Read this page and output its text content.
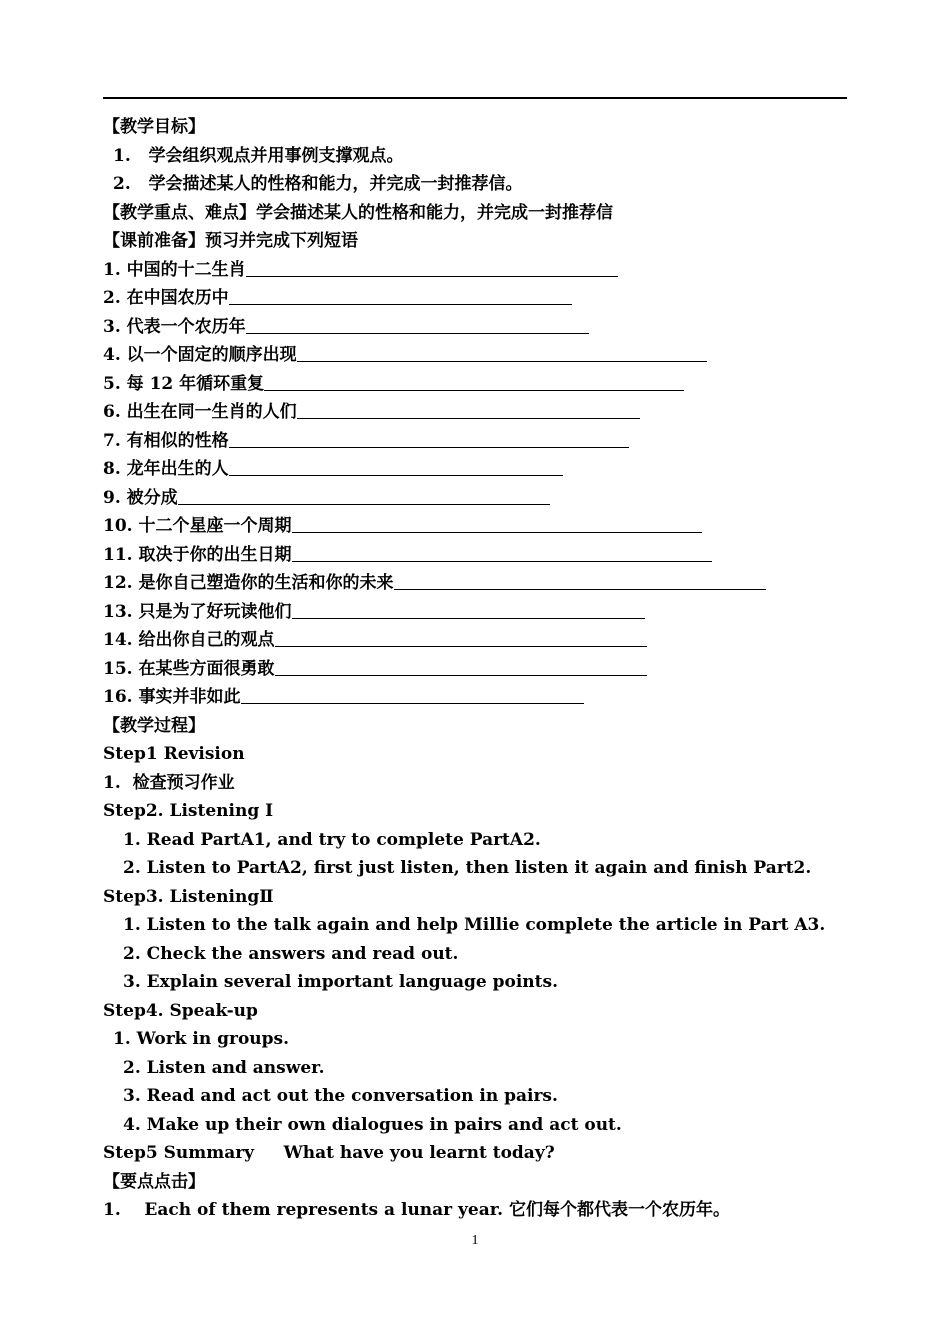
【教学目标】
1.   学会组织观点并用事例支撑观点。
2.   学会描述某人的性格和能力，并完成一封推荐信。
【教学重点、难点】学会描述某人的性格和能力，并完成一封推荐信
【课前准备】预习并完成下列短语
1. 中国的十二生肖
2. 在中国农历中
3. 代表一个农历年
4. 以一个固定的顺序出现
5. 每 12 年循环重复
6. 出生在同一生肖的人们
7. 有相似的性格
8. 龙年出生的人
9. 被分成
10. 十二个星座一个周期
11. 取决于你的出生日期
12. 是你自己塑造你的生活和你的未来
13. 只是为了好玩读他们
14. 给出你自己的观点
15. 在某些方面很勇敢
16. 事实并非如此
【教学过程】
Step1 Revision
1.  检查预习作业
Step2. Listening Ⅰ
1. Read PartA1, and try to complete PartA2.
2. Listen to PartA2, first just listen, then listen it again and finish Part2.
Step3. ListeningⅡ
1. Listen to the talk again and help Millie complete the article in Part A3.
2. Check the answers and read out.
3. Explain several important language points.
Step4. Speak-up
1. Work in groups.
2. Listen and answer.
3. Read and act out the conversation in pairs.
4. Make up their own dialogues in pairs and act out.
Step5 Summary     What have you learnt today?
【要点点击】
1.    Each of them represents a lunar year. 它们每个都代表一个农历年。
1
